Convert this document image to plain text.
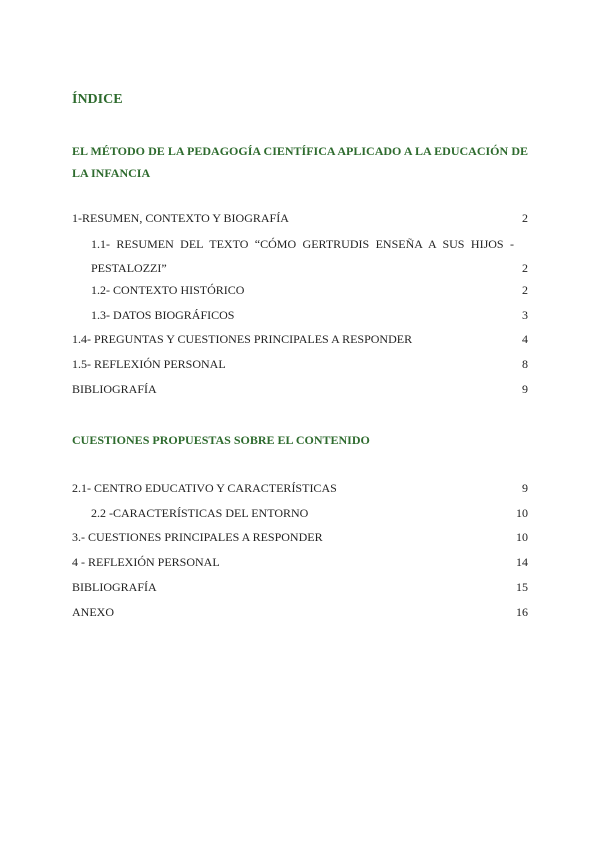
ÍNDICE

EL MÉTODO DE LA PEDAGOGÍA CIENTÍFICA APLICADO A LA EDUCACIÓN DE LA INFANCIA

1-RESUMEN, CONTEXTO Y BIOGRAFÍA	2
1.1- RESUMEN DEL TEXTO “CÓMO GERTRUDIS ENSEÑA A SUS HIJOS - PESTALOZZI”	2
1.2- CONTEXTO HISTÓRICO	2
1.3- DATOS BIOGRÁFICOS	3
1.4- PREGUNTAS Y CUESTIONES PRINCIPALES A RESPONDER	4
1.5- REFLEXIÓN PERSONAL	8
BIBLIOGRAFÍA	9

CUESTIONES PROPUESTAS SOBRE EL CONTENIDO

2.1- CENTRO EDUCATIVO Y CARACTERÍSTICAS	9
2.2 -CARACTERÍSTICAS DEL ENTORNO	10
3.- CUESTIONES PRINCIPALES A RESPONDER	10
4 - REFLEXIÓN PERSONAL	14
BIBLIOGRAFÍA	15
ANEXO	16
